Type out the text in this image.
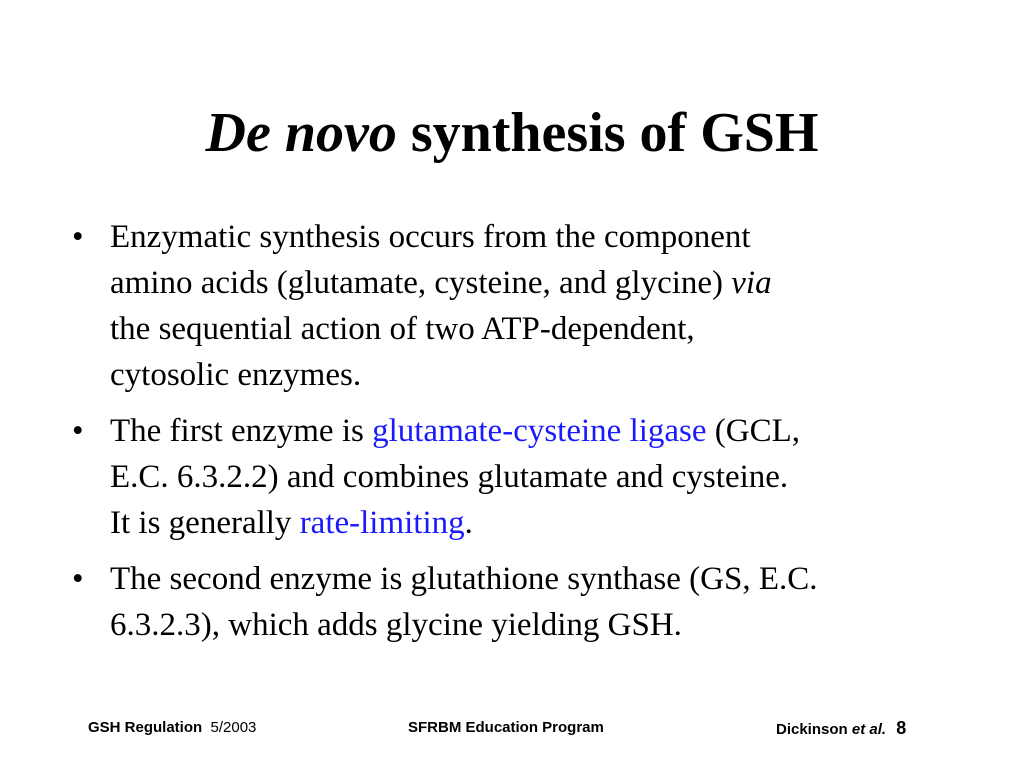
De novo synthesis of GSH
• Enzymatic synthesis occurs from the component
amino acids (glutamate, cysteine, and glycine) via
the sequential action of two ATP-dependent,
cytosolic enzymes.
• The first enzyme is glutamate-cysteine ligase (GCL,
E.C. 6.3.2.2) and combines glutamate and cysteine.
It is generally rate-limiting.
• The second enzyme is glutathione synthase (GS, E.C.
6.3.2.3), which adds glycine yielding GSH.
GSH Regulation 5/2003	SFRBM Education Program	Dickinson et al. 8
